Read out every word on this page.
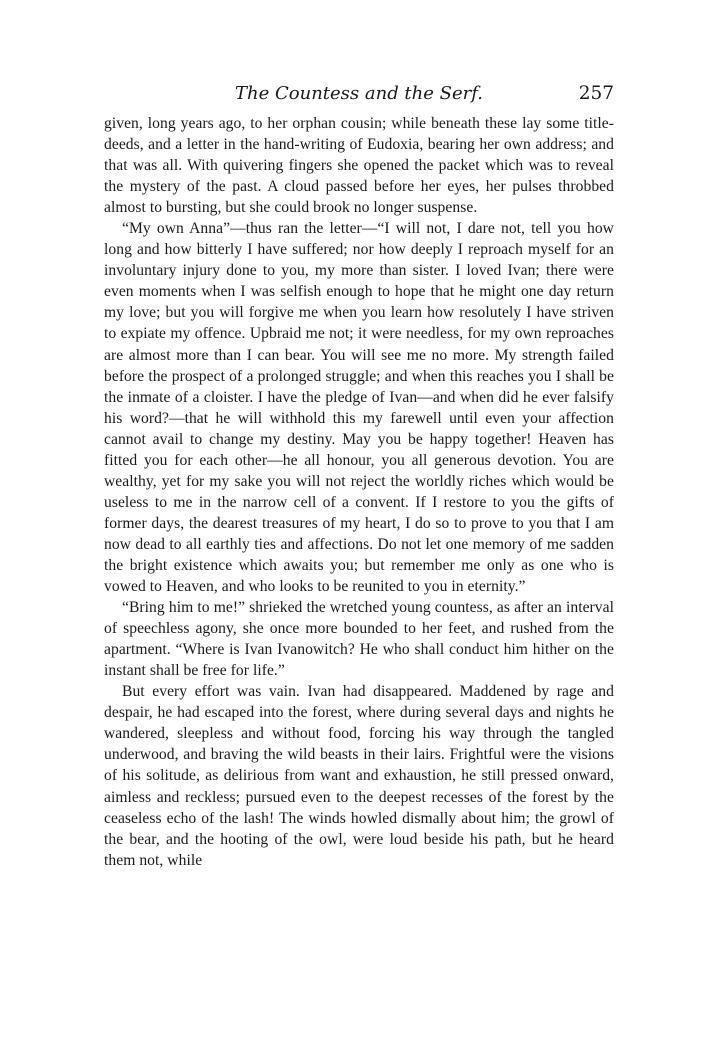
The Countess and the Serf.	257

given, long years ago, to her orphan cousin; while beneath these lay some title-deeds, and a letter in the hand-writing of Eudoxia, bearing her own address; and that was all. With quivering fingers she opened the packet which was to reveal the mystery of the past. A cloud passed before her eyes, her pulses throbbed almost to bursting, but she could brook no longer suspense.

“My own Anna”—thus ran the letter—“I will not, I dare not, tell you how long and how bitterly I have suffered; nor how deeply I reproach myself for an involuntary injury done to you, my more than sister. I loved Ivan; there were even moments when I was selfish enough to hope that he might one day return my love; but you will forgive me when you learn how resolutely I have striven to expiate my offence. Upbraid me not; it were needless, for my own reproaches are almost more than I can bear. You will see me no more. My strength failed before the prospect of a prolonged struggle; and when this reaches you I shall be the inmate of a cloister. I have the pledge of Ivan—and when did he ever falsify his word?—that he will withhold this my farewell until even your affection cannot avail to change my destiny. May you be happy together! Heaven has fitted you for each other—he all honour, you all generous devotion. You are wealthy, yet for my sake you will not reject the worldly riches which would be useless to me in the narrow cell of a convent. If I restore to you the gifts of former days, the dearest treasures of my heart, I do so to prove to you that I am now dead to all earthly ties and affections. Do not let one memory of me sadden the bright existence which awaits you; but remember me only as one who is vowed to Heaven, and who looks to be reunited to you in eternity.”

“Bring him to me!” shrieked the wretched young countess, as after an interval of speechless agony, she once more bounded to her feet, and rushed from the apartment. “Where is Ivan Ivanowitch? He who shall conduct him hither on the instant shall be free for life.”

But every effort was vain. Ivan had disappeared. Maddened by rage and despair, he had escaped into the forest, where during several days and nights he wandered, sleepless and without food, forcing his way through the tangled underwood, and braving the wild beasts in their lairs. Frightful were the visions of his solitude, as delirious from want and exhaustion, he still pressed onward, aimless and reckless; pursued even to the deepest recesses of the forest by the ceaseless echo of the lash! The winds howled dismally about him; the growl of the bear, and the hooting of the owl, were loud beside his path, but he heard them not, while
